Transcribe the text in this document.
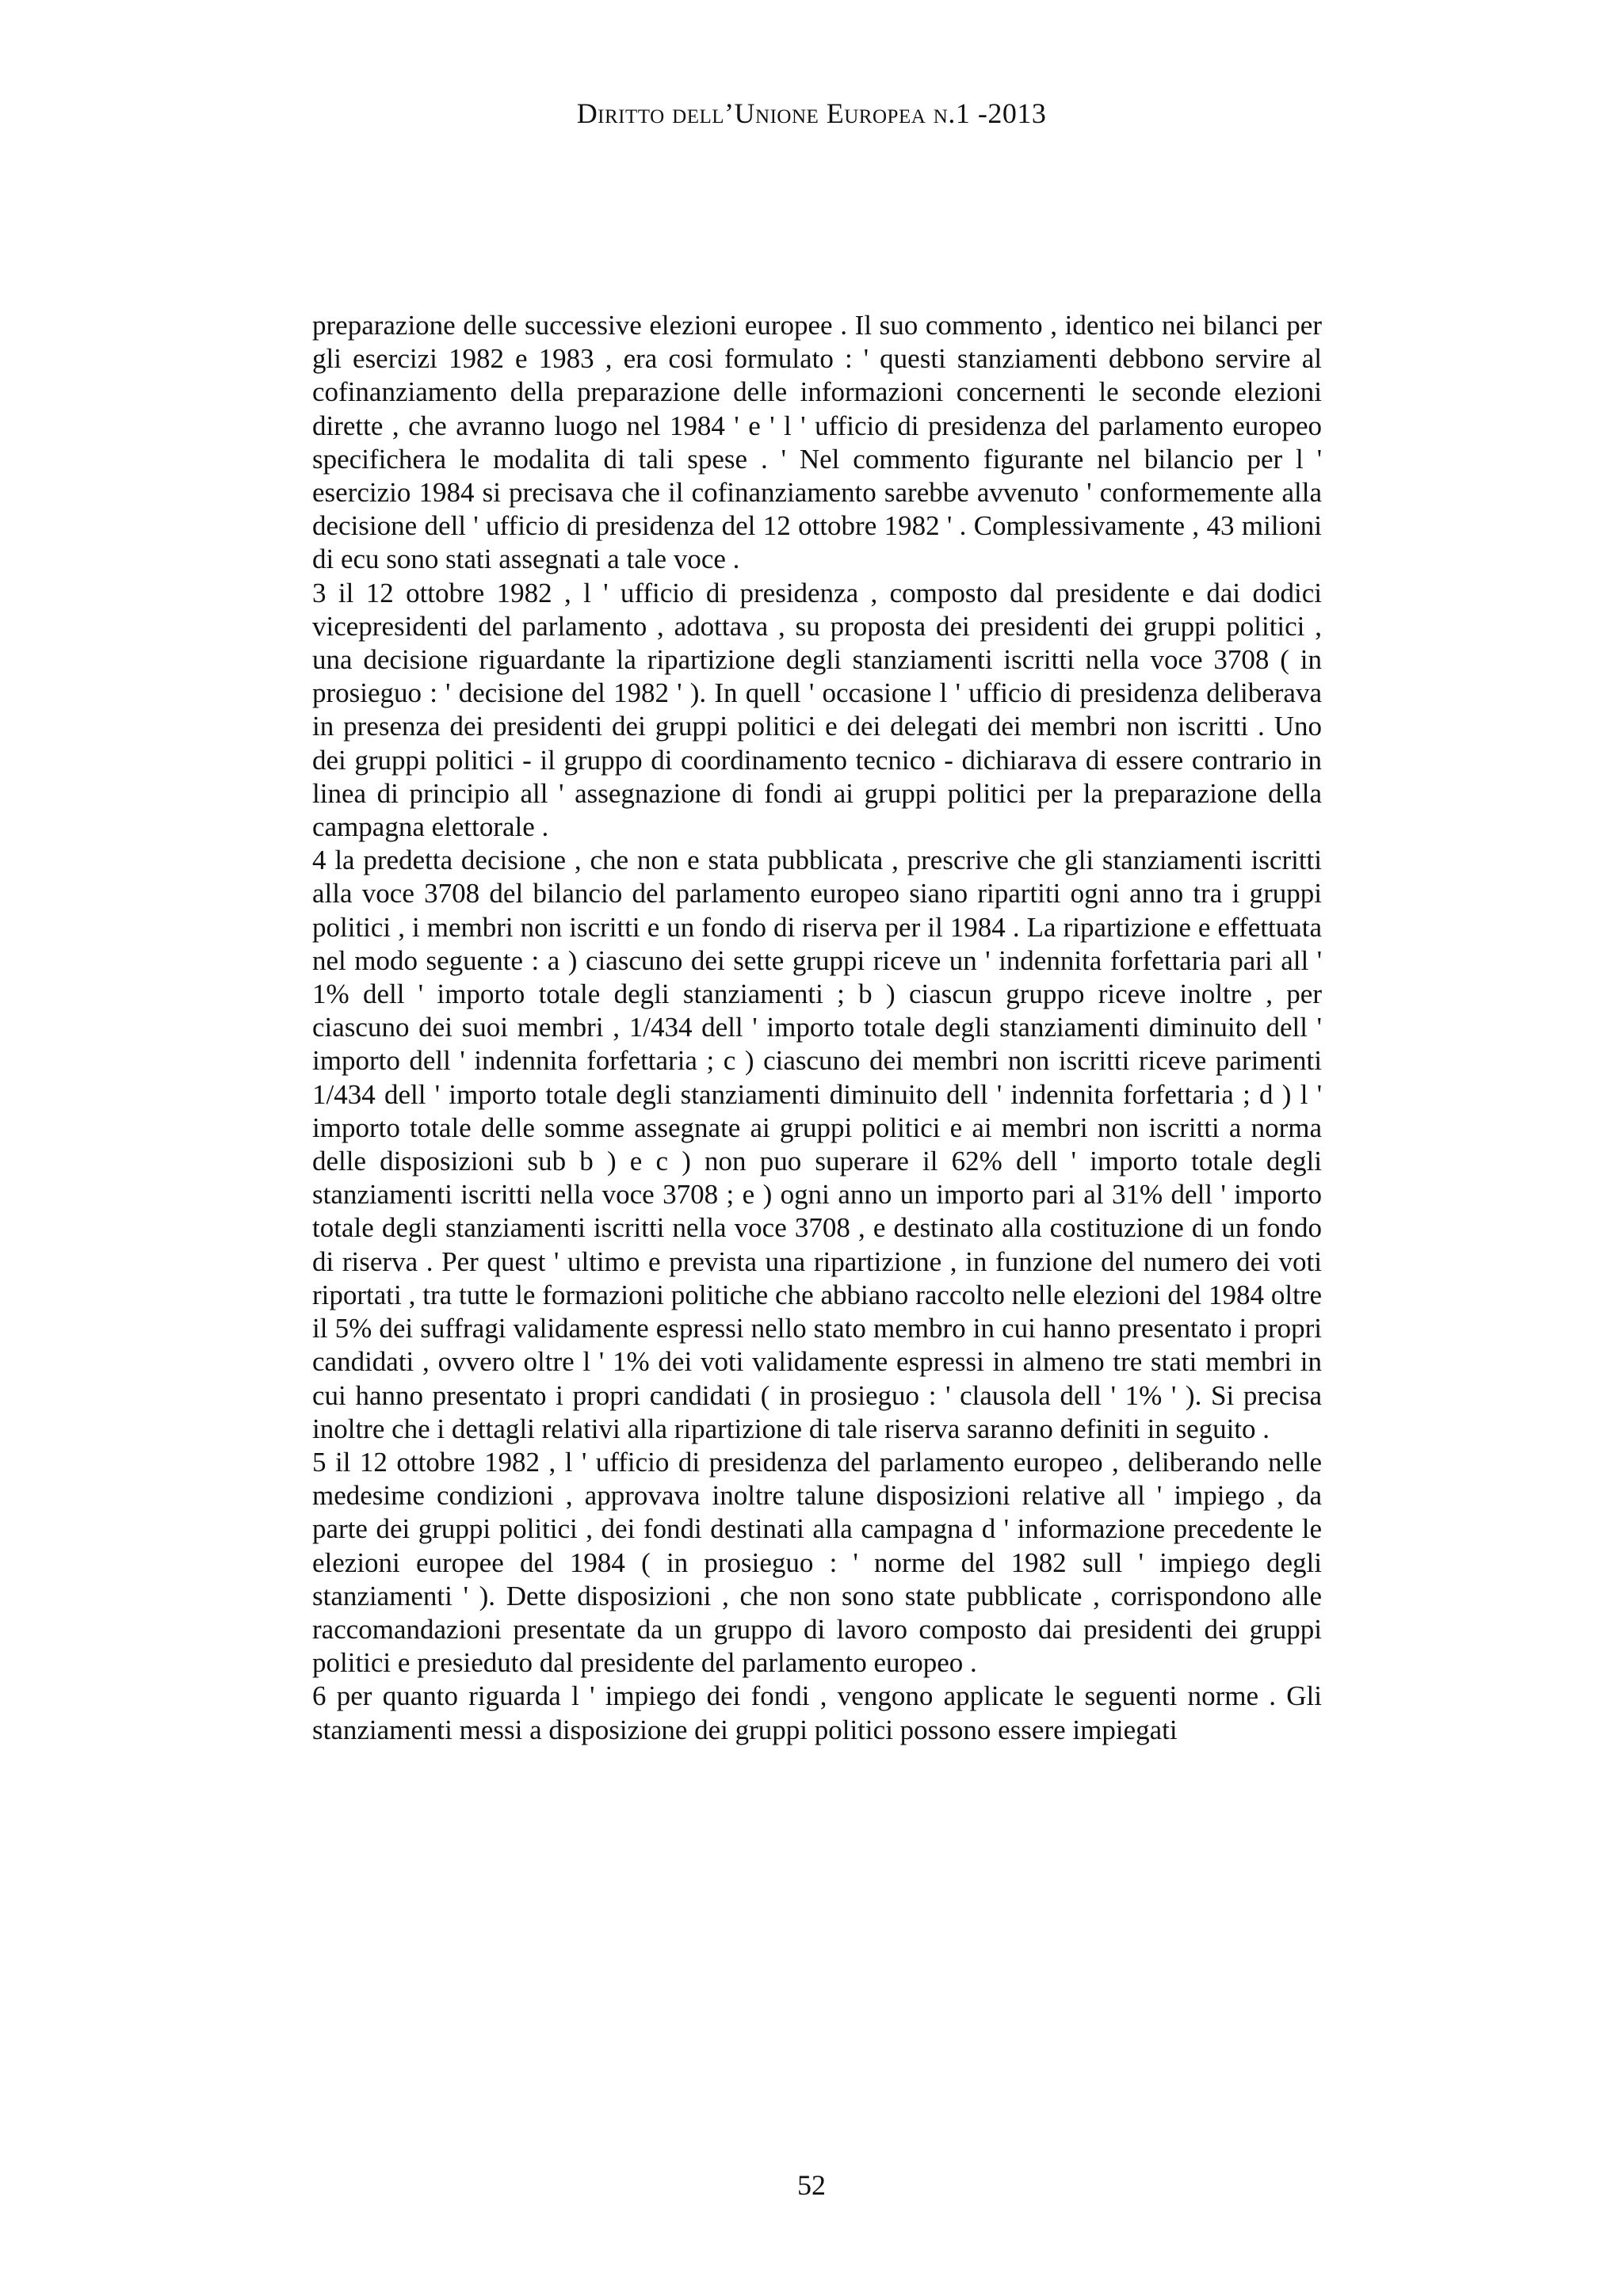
Diritto dell’Unione Europea n.1 -2013

preparazione delle successive elezioni europee . Il suo commento , identico nei bilanci per gli esercizi 1982 e 1983 , era cosi formulato : ' questi stanziamenti debbono servire al cofinanziamento della preparazione delle informazioni concernenti le seconde elezioni dirette , che avranno luogo nel 1984 ' e ' l ' ufficio di presidenza del parlamento europeo specifichera le modalita di tali spese . ' Nel commento figurante nel bilancio per l ' esercizio 1984 si precisava che il cofinanziamento sarebbe avvenuto ' conformemente alla decisione dell ' ufficio di presidenza del 12 ottobre 1982 ' . Complessivamente , 43 milioni di ecu sono stati assegnati a tale voce .

3 il 12 ottobre 1982 , l ' ufficio di presidenza , composto dal presidente e dai dodici vicepresidenti del parlamento , adottava , su proposta dei presidenti dei gruppi politici , una decisione riguardante la ripartizione degli stanziamenti iscritti nella voce 3708 ( in prosieguo : ' decisione del 1982 ' ). In quell ' occasione l ' ufficio di presidenza deliberava in presenza dei presidenti dei gruppi politici e dei delegati dei membri non iscritti . Uno dei gruppi politici - il gruppo di coordinamento tecnico - dichiarava di essere contrario in linea di principio all ' assegnazione di fondi ai gruppi politici per la preparazione della campagna elettorale .

4 la predetta decisione , che non e stata pubblicata , prescrive che gli stanziamenti iscritti alla voce 3708 del bilancio del parlamento europeo siano ripartiti ogni anno tra i gruppi politici , i membri non iscritti e un fondo di riserva per il 1984 . La ripartizione e effettuata nel modo seguente : a ) ciascuno dei sette gruppi riceve un ' indennita forfettaria pari all ' 1% dell ' importo totale degli stanziamenti ; b ) ciascun gruppo riceve inoltre , per ciascuno dei suoi membri , 1/434 dell ' importo totale degli stanziamenti diminuito dell ' importo dell ' indennita forfettaria ; c ) ciascuno dei membri non iscritti riceve parimenti 1/434 dell ' importo totale degli stanziamenti diminuito dell ' indennita forfettaria ; d ) l ' importo totale delle somme assegnate ai gruppi politici e ai membri non iscritti a norma delle disposizioni sub b ) e c ) non puo superare il 62% dell ' importo totale degli stanziamenti iscritti nella voce 3708 ; e ) ogni anno un importo pari al 31% dell ' importo totale degli stanziamenti iscritti nella voce 3708 , e destinato alla costituzione di un fondo di riserva . Per quest ' ultimo e prevista una ripartizione , in funzione del numero dei voti riportati , tra tutte le formazioni politiche che abbiano raccolto nelle elezioni del 1984 oltre il 5% dei suffragi validamente espressi nello stato membro in cui hanno presentato i propri candidati , ovvero oltre l ' 1% dei voti validamente espressi in almeno tre stati membri in cui hanno presentato i propri candidati ( in prosieguo : ' clausola dell ' 1% ' ). Si precisa inoltre che i dettagli relativi alla ripartizione di tale riserva saranno definiti in seguito .

5 il 12 ottobre 1982 , l ' ufficio di presidenza del parlamento europeo , deliberando nelle medesime condizioni , approvava inoltre talune disposizioni relative all ' impiego , da parte dei gruppi politici , dei fondi destinati alla campagna d ' informazione precedente le elezioni europee del 1984 ( in prosieguo : ' norme del 1982 sull ' impiego degli stanziamenti ' ). Dette disposizioni , che non sono state pubblicate , corrispondono alle raccomandazioni presentate da un gruppo di lavoro composto dai presidenti dei gruppi politici e presieduto dal presidente del parlamento europeo .

6 per quanto riguarda l ' impiego dei fondi , vengono applicate le seguenti norme . Gli stanziamenti messi a disposizione dei gruppi politici possono essere impiegati

52
